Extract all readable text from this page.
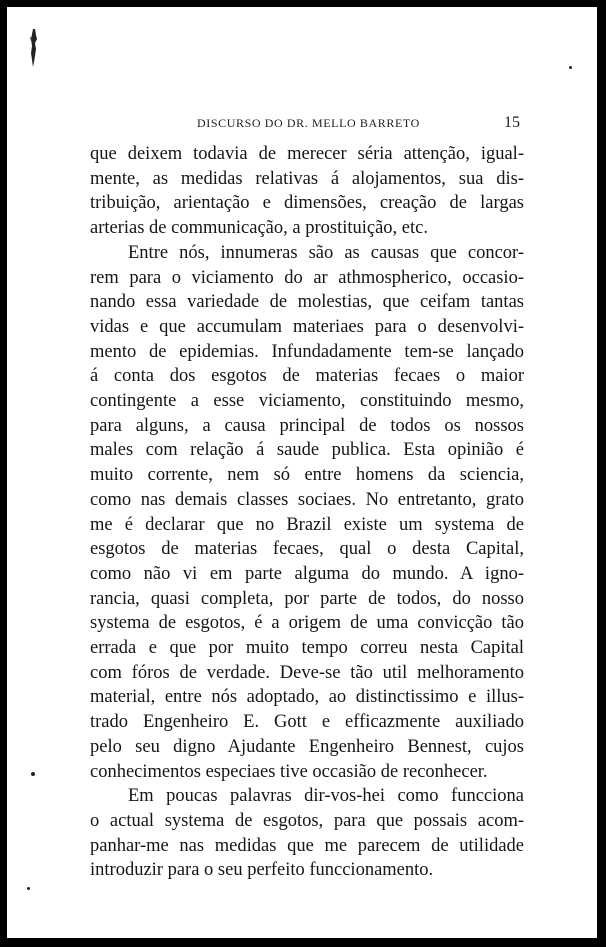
DISCURSO DO DR. MELLO BARRETO	15

que deixem todavia de merecer séria attenção, igual-
mente, as medidas relativas á alojamentos, sua dis-
tribuição, arientação e dimensões, creação de largas
arterias de communicação, a prostituição, etc.

Entre nós, innumeras são as causas que concor-
rem para o viciamento do ar athmospherico, occasio-
nando essa variedade de molestias, que ceifam tantas
vidas e que accumulam materiaes para o desenvolvi-
mento de epidemias. Infundadamente tem-se lançado
á conta dos esgotos de materias fecaes o maior
contingente a esse viciamento, constituindo mesmo,
para alguns, a causa principal de todos os nossos
males com relação á saude publica. Esta opinião é
muito corrente, nem só entre homens da sciencia,
como nas demais classes sociaes. No entretanto, grato
me é declarar que no Brazil existe um systema de
esgotos de materias fecaes, qual o desta Capital,
como não vi em parte alguma do mundo. A igno-
rancia, quasi completa, por parte de todos, do nosso
systema de esgotos, é a origem de uma convicção tão
errada e que por muito tempo correu nesta Capital
com fóros de verdade. Deve-se tão util melhoramento
material, entre nós adoptado, ao distinctissimo e illus-
trado Engenheiro E. Gott e efficazmente auxiliado
pelo seu digno Ajudante Engenheiro Bennest, cujos
conhecimentos especiaes tive occasião de reconhecer.

Em poucas palavras dir-vos-hei como funcciona
o actual systema de esgotos, para que possais acom-
panhar-me nas medidas que me parecem de utilidade
introduzir para o seu perfeito funccionamento.
